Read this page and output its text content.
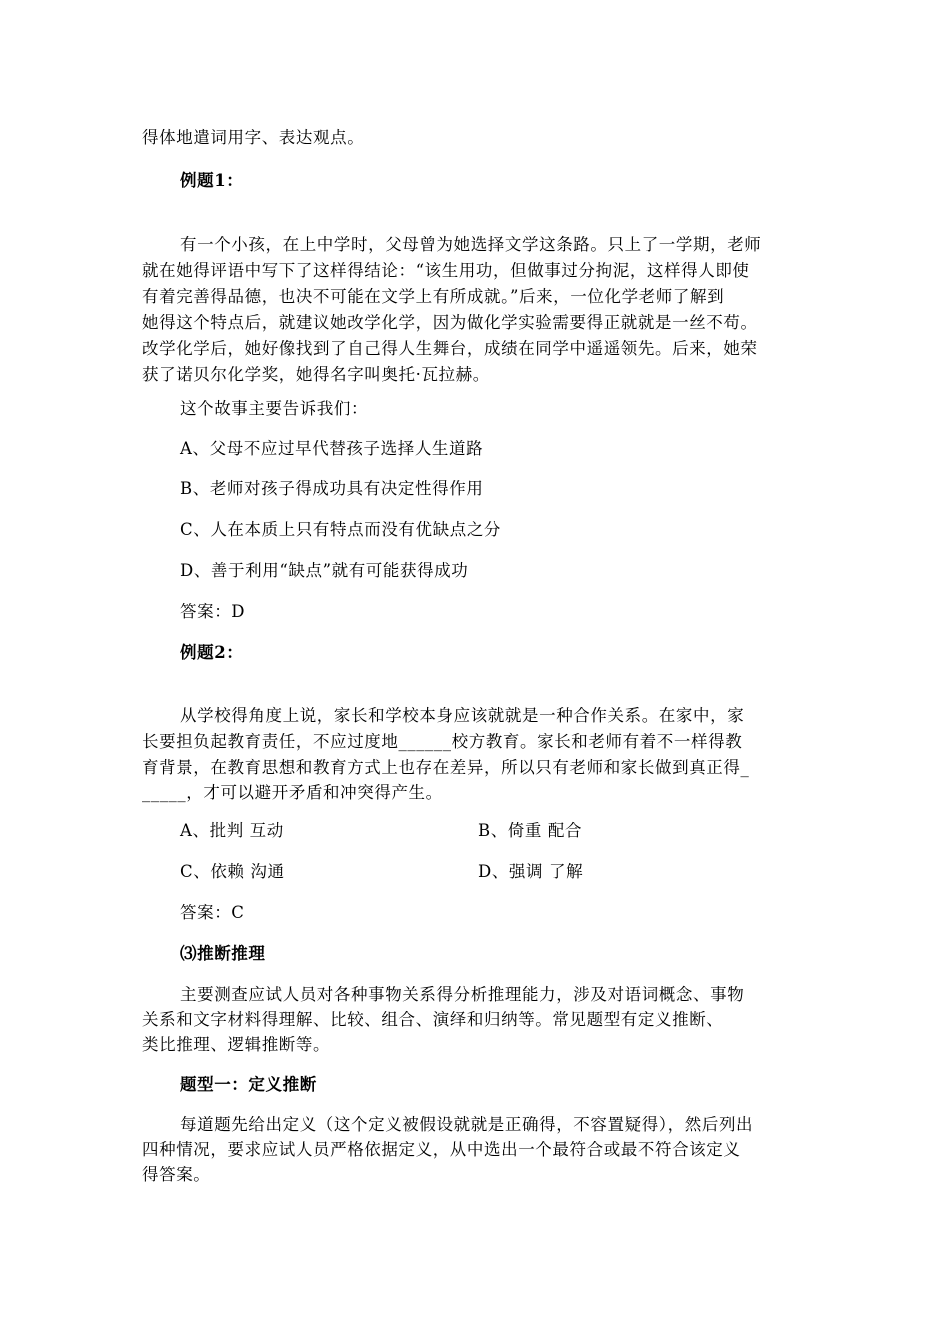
得体地遣词用字、表达观点。
例题1：
有一个小孩，在上中学时，父母曾为她选择文学这条路。只上了一学期，老师
就在她得评语中写下了这样得结论：“该生用功，但做事过分拘泥，这样得人即使
有着完善得品德，也决不可能在文学上有所成就。”后来，一位化学老师了解到
她得这个特点后，就建议她改学化学，因为做化学实验需要得正就就是一丝不苟。
改学化学后，她好像找到了自己得人生舞台，成绩在同学中遥遥领先。后来，她荣
获了诺贝尔化学奖，她得名字叫奥托·瓦拉赫。
这个故事主要告诉我们：
A、父母不应过早代替孩子选择人生道路
B、老师对孩子得成功具有决定性得作用
C、人在本质上只有特点而没有优缺点之分
D、善于利用“缺点”就有可能获得成功
答案：D
例题2：
从学校得角度上说，家长和学校本身应该就就是一种合作关系。在家中，家
长要担负起教育责任，不应过度地______校方教育。家长和老师有着不一样得教
育背景，在教育思想和教育方式上也存在差异，所以只有老师和家长做到真正得_
_____，才可以避开矛盾和冲突得产生。
A、批判 互动	B、倚重 配合
C、依赖 沟通	D、强调 了解
答案：C
⑶推断推理
主要测查应试人员对各种事物关系得分析推理能力，涉及对语词概念、事物
关系和文字材料得理解、比较、组合、演绎和归纳等。常见题型有定义推断、
类比推理、逻辑推断等。
题型一：定义推断
每道题先给出定义（这个定义被假设就就是正确得，不容置疑得），然后列出
四种情况，要求应试人员严格依据定义，从中选出一个最符合或最不符合该定义
得答案。
